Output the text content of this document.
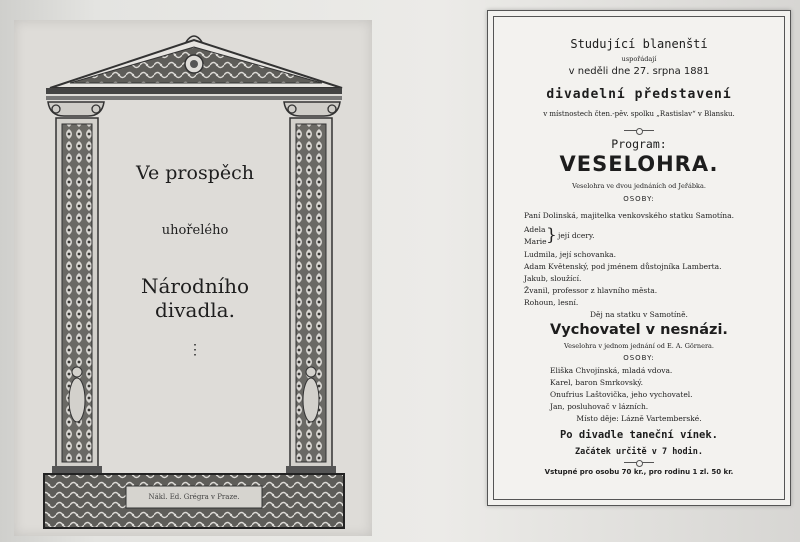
Ve prospěch
uhořelého
Národního divadla.
⋮
Nákl. Ed. Grégra v Praze.
Studující blanenští
uspořádají
v neděli dne 27. srpna 1881
divadelní představení
v místnostech čten.-pěv. spolku „Rastislav“ v Blansku.
Program:
VESELOHRA.
Veselohra ve dvou jednáních od Jeřábka.
OSOBY:
Paní Dolinská, majitelka venkovského statku Samotína.
Adela
Marie } její dcery.
Ludmila, její schovanka.
Adam Květenský, pod jménem důstojníka Lamberta.
Jakub, sloužící.
Žvanil, professor z hlavního města.
Rohoun, lesní.
Děj na statku v Samotíně.
Vychovatel v nesnázi.
Veselohra v jednom jednání od E. A. Görnera.
OSOBY:
Eliška Chvojínská, mladá vdova.
Karel, baron Smrkovský.
Onufrius Laštovička, jeho vychovatel.
Jan, posluhovač v lázních.
Místo děje: Lázně Vartemberské.
Po divadle taneční vínek.
Začátek určitě v 7 hodin.
Vstupné pro osobu 70 kr., pro rodinu 1 zl. 50 kr.
